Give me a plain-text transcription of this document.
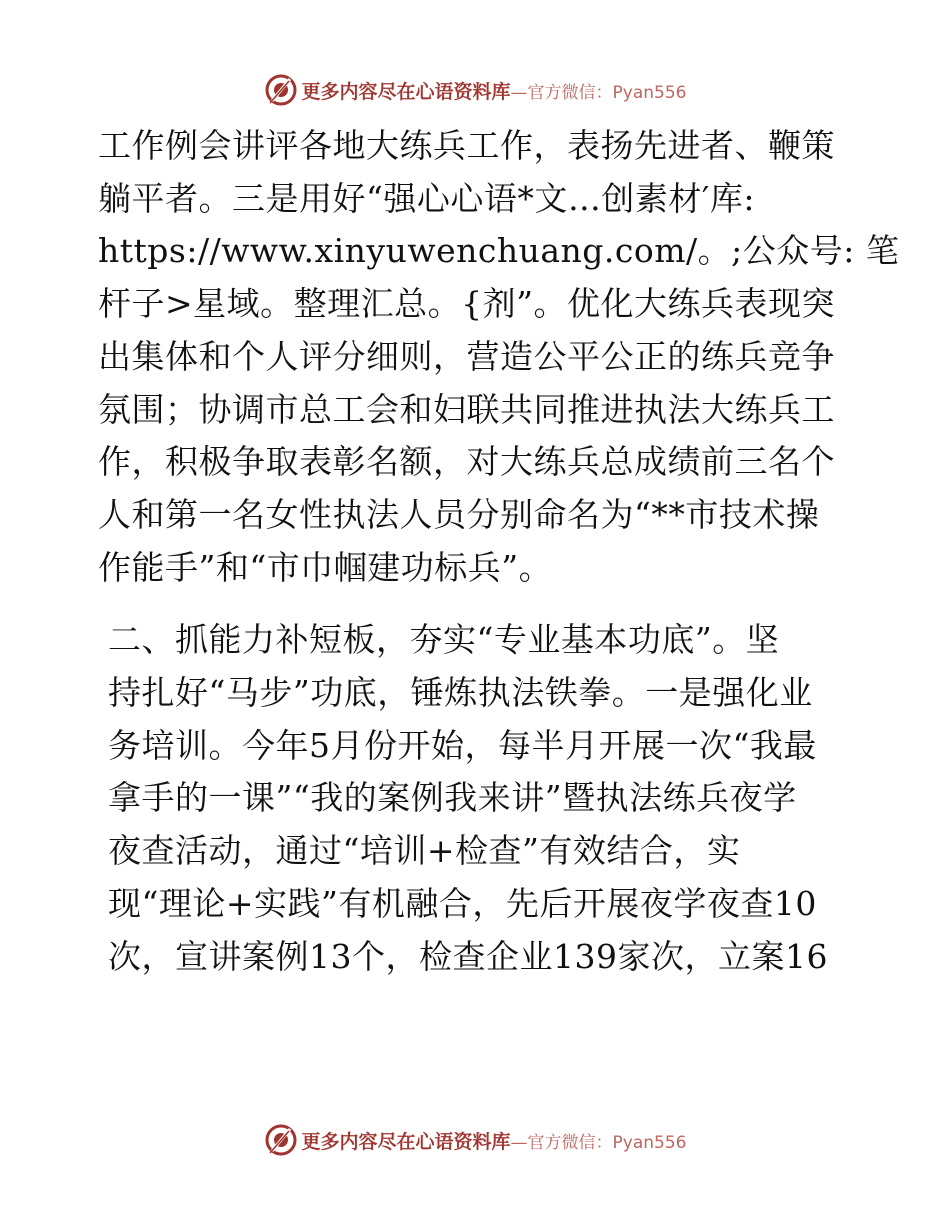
更多内容尽在心语资料库 —官方微信：Pyan556

工作例会讲评各地大练兵工作，表扬先进者、鞭策
躺平者。三是用好“强心心语*文…创素材′库:
https://www.xinyuwenchuang.com/。;公众号: 笔
杆子>星域。整理汇总。{剂”。优化大练兵表现突
出集体和个人评分细则，营造公平公正的练兵竞争
氛围；协调市总工会和妇联共同推进执法大练兵工
作，积极争取表彰名额，对大练兵总成绩前三名个
人和第一名女性执法人员分别命名为“**市技术操
作能手”和“市巾帼建功标兵”。

二、抓能力补短板，夯实“专业基本功底”。坚
持扎好“马步”功底，锤炼执法铁拳。一是强化业
务培训。今年5月份开始，每半月开展一次“我最
拿手的一课”“我的案例我来讲”暨执法练兵夜学
夜查活动，通过“培训+检查”有效结合，实
现“理论+实践”有机融合，先后开展夜学夜查10
次，宣讲案例13个，检查企业139家次，立案16

更多内容尽在心语资料库 —官方微信：Pyan556
